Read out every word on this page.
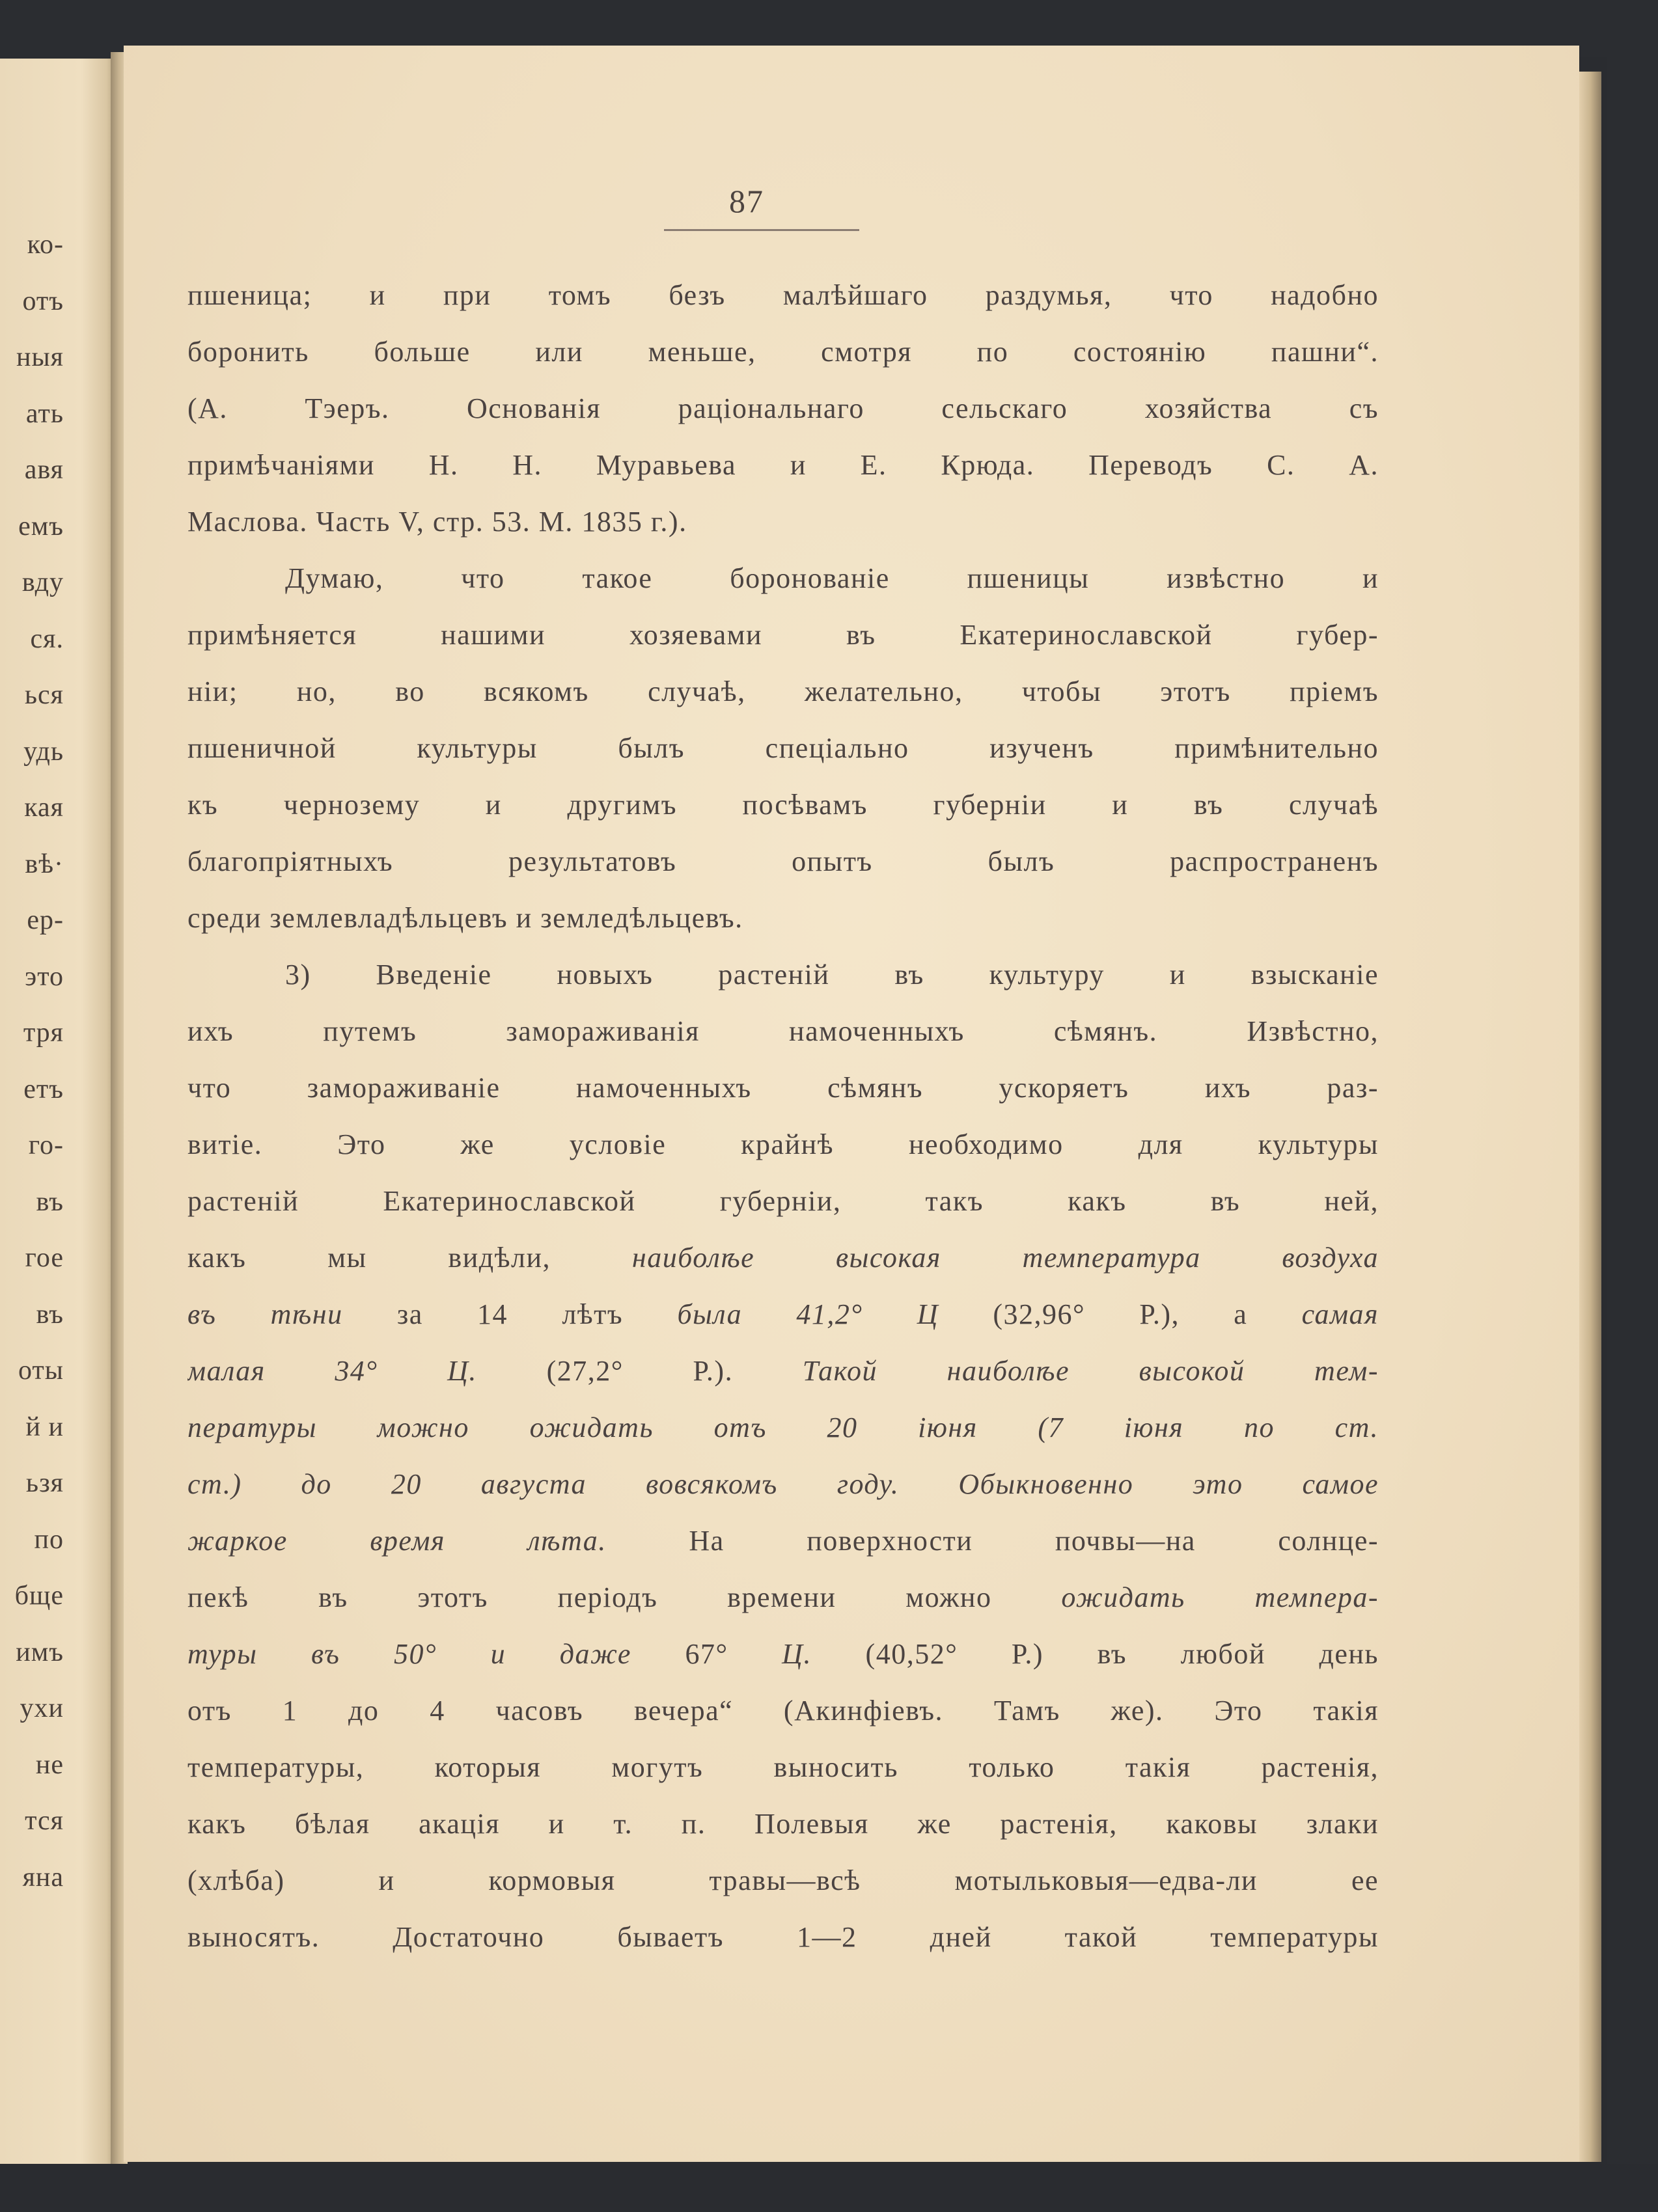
ко-
отъ
ныя
ать
авя
емъ
вду
ся.
ься
удь
кая
вѣ·
ер-
это
тря
етъ
го-
въ
гое
въ
оты
й и
ьзя
по
бще
имъ
ухи
не
тся
яна
87
пшеница; и при томъ безъ малѣйшаго раздумья, что надобно
боронить больше или меньше, смотря по состоянію пашни“.
(А. Тэеръ. Основанія раціональнаго сельскаго хозяйства съ
примѣчаніями Н. Н. Муравьева и Е. Крюда. Переводъ С. А.
Маслова. Часть V, стр. 53. М. 1835 г.).
Думаю, что такое боронованіе пшеницы извѣстно и
примѣняется нашими хозяевами въ Екатеринославской губер-
ніи; но, во всякомъ случаѣ, желательно, чтобы этотъ пріемъ
пшеничной культуры былъ спеціально изученъ примѣнительно
къ чернозему и другимъ посѣвамъ губерніи и въ случаѣ
благопріятныхъ результатовъ опытъ былъ распространенъ
среди землевладѣльцевъ и земледѣльцевъ.
3) Введеніе новыхъ растеній въ культуру и взысканіе
ихъ путемъ замораживанія намоченныхъ сѣмянъ. Извѣстно,
что замораживаніе намоченныхъ сѣмянъ ускоряетъ ихъ раз-
витіе. Это же условіе крайнѣ необходимо для культуры
растеній Екатеринославской губерніи, такъ какъ въ ней,
какъ мы видѣли, наиболѣе высокая температура воздуха
въ тѣни за 14 лѣтъ была 41,2° Ц (32,96° Р.), а самая
малая 34° Ц. (27,2° Р.). Такой наиболѣе высокой тем-
пературы можно ожидать отъ 20 іюня (7 іюня по ст.
ст.) до 20 августа вовсякомъ году. Обыкновенно это самое
жаркое время лѣта. На поверхности почвы—на солнце-
пекѣ въ этотъ періодъ времени можно ожидать темпера-
туры въ 50° и даже 67° Ц. (40,52° Р.) въ любой день
отъ 1 до 4 часовъ вечера“ (Акинфіевъ. Тамъ же). Это такія
температуры, которыя могутъ выносить только такія растенія,
какъ бѣлая акація и т. п. Полевыя же растенія, каковы злаки
(хлѣба) и кормовыя травы—всѣ мотыльковыя—едва-ли ее
выносятъ. Достаточно бываетъ 1—2 дней такой температуры
